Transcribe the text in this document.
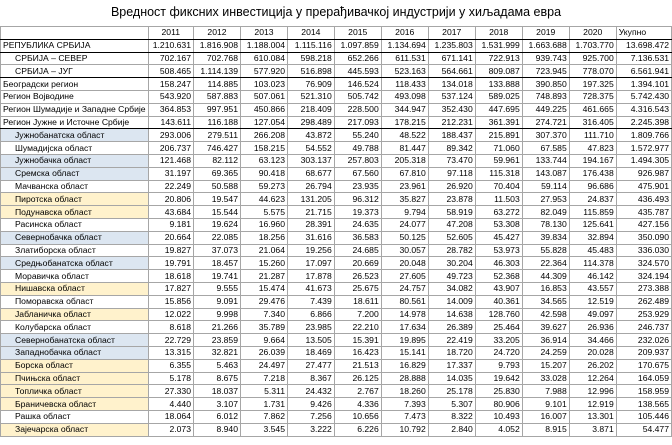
Вредност фиксних инвестиција у прерађивачкој индустрији у хиљадама евра
	2011	2012	2013	2014	2015	2016	2017	2018	2019	2020	Укупно
РЕПУБЛИКА СРБИЈА	1.210.631	1.816.908	1.188.004	1.115.116	1.097.859	1.134.694	1.235.803	1.531.999	1.663.688	1.703.770	13.698.472
СРБИЈА – СЕВЕР	702.167	702.768	610.084	598.218	652.266	611.531	671.141	722.913	939.743	925.700	7.136.531
СРБИЈА – ЈУГ	508.465	1.114.139	577.920	516.898	445.593	523.163	564.661	809.087	723.945	778.070	6.561.941
Београдски регион	158.247	114.885	103.023	76.909	146.524	118.433	134.018	133.888	390.850	197.325	1.394.101
Регион Војводине	543.920	587.883	507.061	521.310	505.742	493.098	537.124	589.025	748.893	728.375	5.742.430
Регион Шумадије и Западне Србије	364.853	997.951	450.866	218.409	228.500	344.947	352.430	447.695	449.225	461.665	4.316.543
Регион Јужне и Источне Србије	143.611	116.188	127.054	298.489	217.093	178.215	212.231	361.391	274.721	316.405	2.245.398
Јужнобанатска област	293.006	279.511	266.208	43.872	55.240	48.522	188.437	215.891	307.370	111.710	1.809.766
Шумадијска област	206.737	746.427	158.215	54.552	49.788	81.447	89.342	71.060	67.585	47.823	1.572.977
Јужнобачка област	121.468	82.112	63.123	303.137	257.803	205.318	73.470	59.961	133.744	194.167	1.494.305
Сремска област	31.197	69.365	90.418	68.677	67.560	67.810	97.118	115.318	143.087	176.438	926.987
Мачванска област	22.249	50.588	59.273	26.794	23.935	23.961	26.920	70.404	59.114	96.686	475.901
Пиротска област	20.806	19.547	44.623	131.205	96.312	35.827	23.878	11.503	27.953	24.837	436.493
Подунавска област	43.684	15.544	5.575	21.715	19.373	9.794	58.919	63.272	82.049	115.859	435.787
Расинска област	9.181	19.624	16.960	28.391	24.635	24.077	47.208	53.308	78.130	125.641	427.156
Севернобачка област	20.664	22.085	18.256	31.616	36.583	50.125	52.605	45.427	39.834	32.894	350.090
Златиборска област	19.827	37.073	21.064	19.256	24.685	30.057	28.782	53.973	55.828	45.483	336.030
Средњобанатска област	19.791	18.457	15.260	17.097	20.669	20.048	30.204	46.303	22.364	114.378	324.570
Моравичка област	18.618	19.741	21.287	17.878	26.523	27.605	49.723	52.368	44.309	46.142	324.194
Нишавска област	17.827	9.555	15.474	41.673	25.675	24.757	34.082	43.907	16.853	43.557	273.388
Поморавска област	15.856	9.091	29.476	7.439	18.611	80.561	14.009	40.361	34.565	12.519	262.489
Јабланичка област	12.022	9.998	7.340	6.866	7.200	14.978	14.638	128.760	42.598	49.097	253.929
Колубарска област	8.618	21.266	35.789	23.985	22.210	17.634	26.389	25.464	39.627	26.936	246.737
Севернобанатска област	22.729	23.859	9.664	13.505	15.391	19.895	22.419	33.205	36.914	34.466	232.026
Западнобачка област	13.315	32.821	26.039	18.469	16.423	15.141	18.720	24.720	24.259	20.028	209.937
Борска област	6.355	5.463	24.497	27.477	21.513	16.829	17.337	9.793	15.207	26.202	170.675
Пчињска област	5.178	8.675	7.218	8.367	26.125	28.888	14.035	19.642	33.028	12.264	164.059
Топличка област	27.330	18.037	5.311	24.432	2.767	18.260	25.178	25.830	7.988	12.996	158.959
Браничевска област	4.440	3.107	1.731	9.426	4.336	7.393	5.307	80.906	9.101	12.919	138.565
Рашка област	18.064	6.012	7.862	7.256	10.656	7.473	8.322	10.493	16.007	13.301	105.446
Зајечарска област	2.073	8.940	3.545	3.222	6.226	10.792	2.840	4.052	8.915	3.871	54.477
